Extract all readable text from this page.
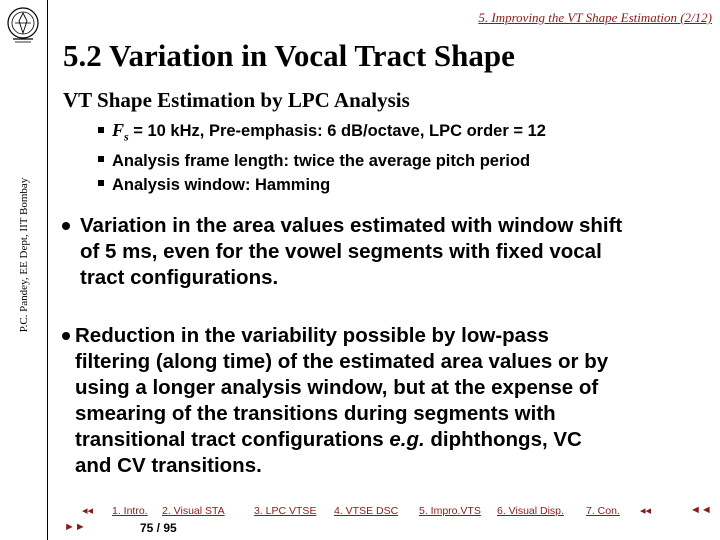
P.C. Pandey, EE Dept, IIT Bombay
5. Improving the VT Shape Estimation (2/12)
5.2 Variation in Vocal Tract Shape
VT Shape Estimation by LPC Analysis
$F_s = 10$ kHz, Pre-emphasis: 6 dB/octave, LPC order = 12
Analysis frame length: twice the average pitch period
Analysis window: Hamming
Variation in the area values estimated with window shift
of 5 ms, even for the vowel segments with fixed vocal
tract configurations.
Reduction in the variability possible by low-pass
filtering (along time) of the estimated area values or by
using a longer analysis window, but at the expense of
smearing of the transitions during segments with
transitional tract configurations e.g. diphthongs, VC
and CV transitions.
◂◂ 1. Intro. 2. Visual STA	3. LPC VTSE 4. VTSE DSC 5. Impro.VTS 6. Visual Disp. 7. Con. ◂◂	◄◄
►►	75 / 95
